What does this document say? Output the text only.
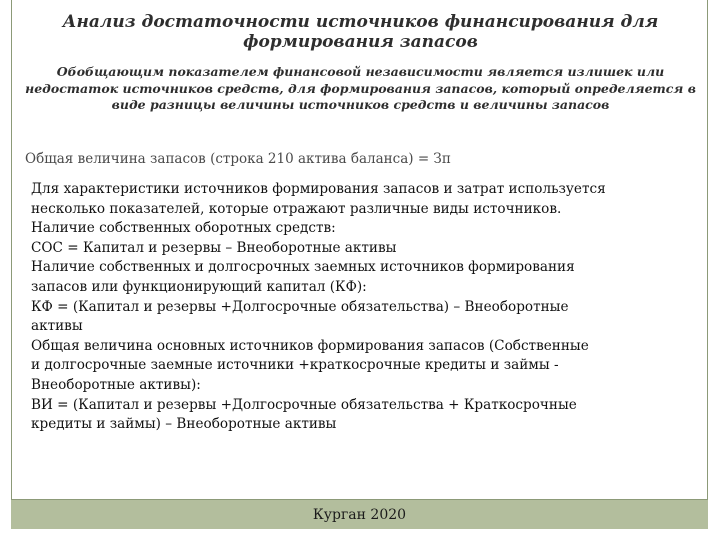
Анализ достаточности источников финансирования для формирования запасов

Обобщающим показателем финансовой независимости является излишек или недостаток источников средств, для формирования запасов, который определяется в виде разницы величины источников средств и величины запасов

Общая величина запасов (строка 210 актива баланса) = Зп

Для характеристики источников формирования запасов и затрат используется
несколько показателей, которые отражают различные виды источников.
Наличие собственных оборотных средств:
СОС = Капитал и резервы – Внеоборотные активы
Наличие собственных и долгосрочных заемных источников формирования
запасов или функционирующий капитал (КФ):
КФ = (Капитал и резервы +Долгосрочные обязательства) – Внеоборотные
активы
Общая величина основных источников формирования запасов (Собственные
и долгосрочные заемные источники +краткосрочные кредиты и займы -
Внеоборотные активы):
ВИ = (Капитал и резервы +Долгосрочные обязательства + Краткосрочные
кредиты и займы) – Внеоборотные активы
Курган 2020
